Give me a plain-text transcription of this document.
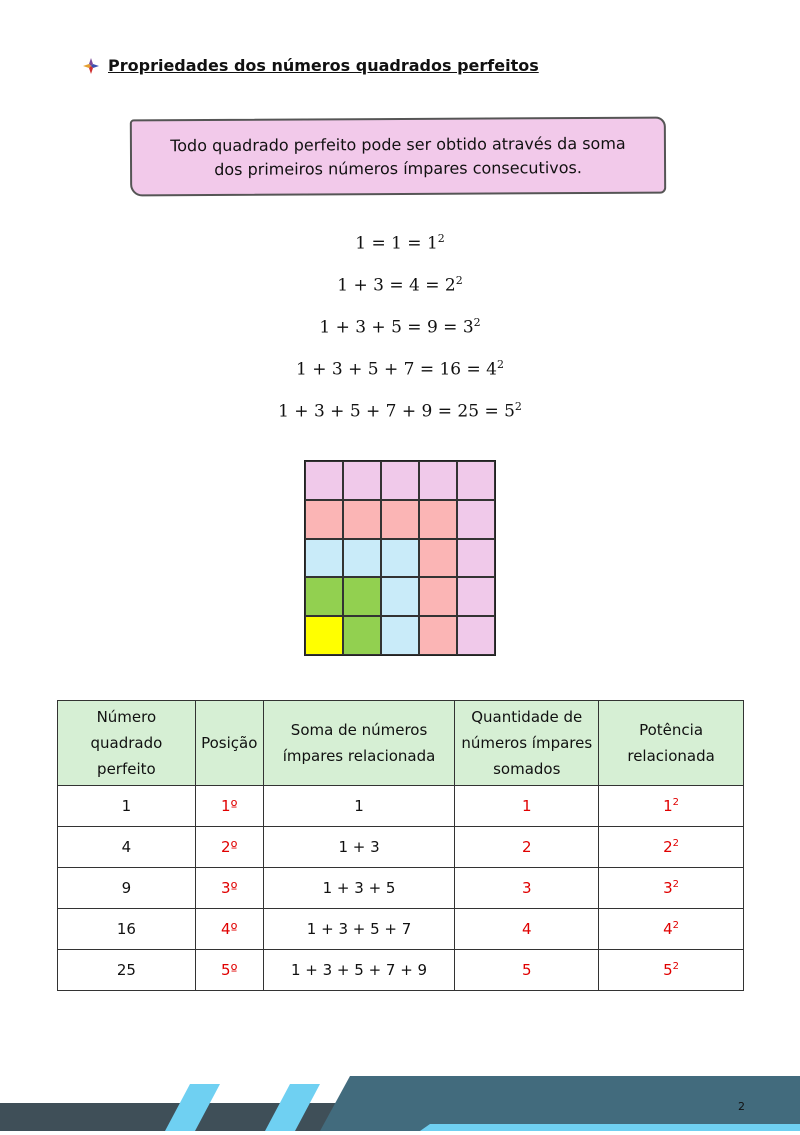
Propriedades dos números quadrados perfeitos
Todo quadrado perfeito pode ser obtido através da soma
dos primeiros números ímpares consecutivos.
$1 = 1 = 1^2$
$1 + 3 = 4 = 2^2$
$1 + 3 + 5 = 9 = 3^2$
$1 + 3 + 5 + 7 = 16 = 4^2$
$1 + 3 + 5 + 7 + 9 = 25 = 5^2$
Número quadrado perfeito	Posição	Soma de números ímpares relacionada	Quantidade de números ímpares somados	Potência relacionada
1	1º	1	1	$1^2$
4	2º	1 + 3	2	$2^2$
9	3º	1 + 3 + 5	3	$3^2$
16	4º	1 + 3 + 5 + 7	4	$4^2$
25	5º	1 + 3 + 5 + 7 + 9	5	$5^2$
2
